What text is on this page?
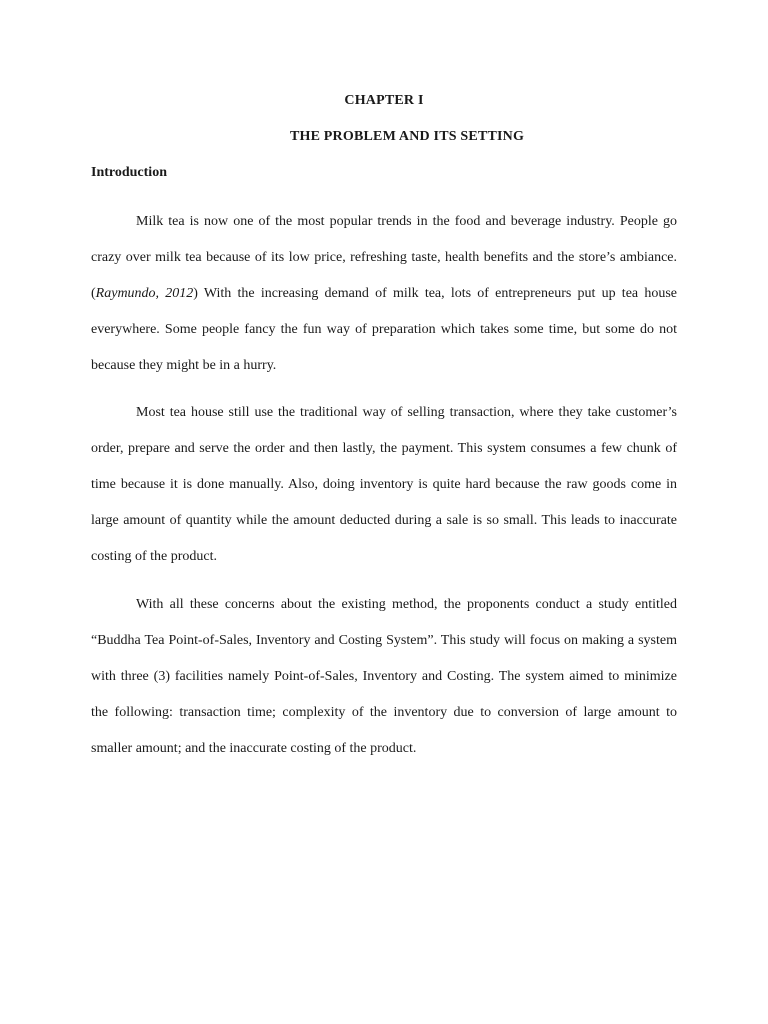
CHAPTER I
THE PROBLEM AND ITS SETTING
Introduction

Milk tea is now one of the most popular trends in the food and beverage industry. People go crazy over milk tea because of its low price, refreshing taste, health benefits and the store’s ambiance. (Raymundo, 2012) With the increasing demand of milk tea, lots of entrepreneurs put up tea house everywhere. Some people fancy the fun way of preparation which takes some time, but some do not because they might be in a hurry.

Most tea house still use the traditional way of selling transaction, where they take customer’s order, prepare and serve the order and then lastly, the payment. This system consumes a few chunk of time because it is done manually. Also, doing inventory is quite hard because the raw goods come in large amount of quantity while the amount deducted during a sale is so small. This leads to inaccurate costing of the product.

With all these concerns about the existing method, the proponents conduct a study entitled “Buddha Tea Point-of-Sales, Inventory and Costing System”. This study will focus on making a system with three (3) facilities namely Point-of-Sales, Inventory and Costing. The system aimed to minimize the following: transaction time; complexity of the inventory due to conversion of large amount to smaller amount; and the inaccurate costing of the product.
